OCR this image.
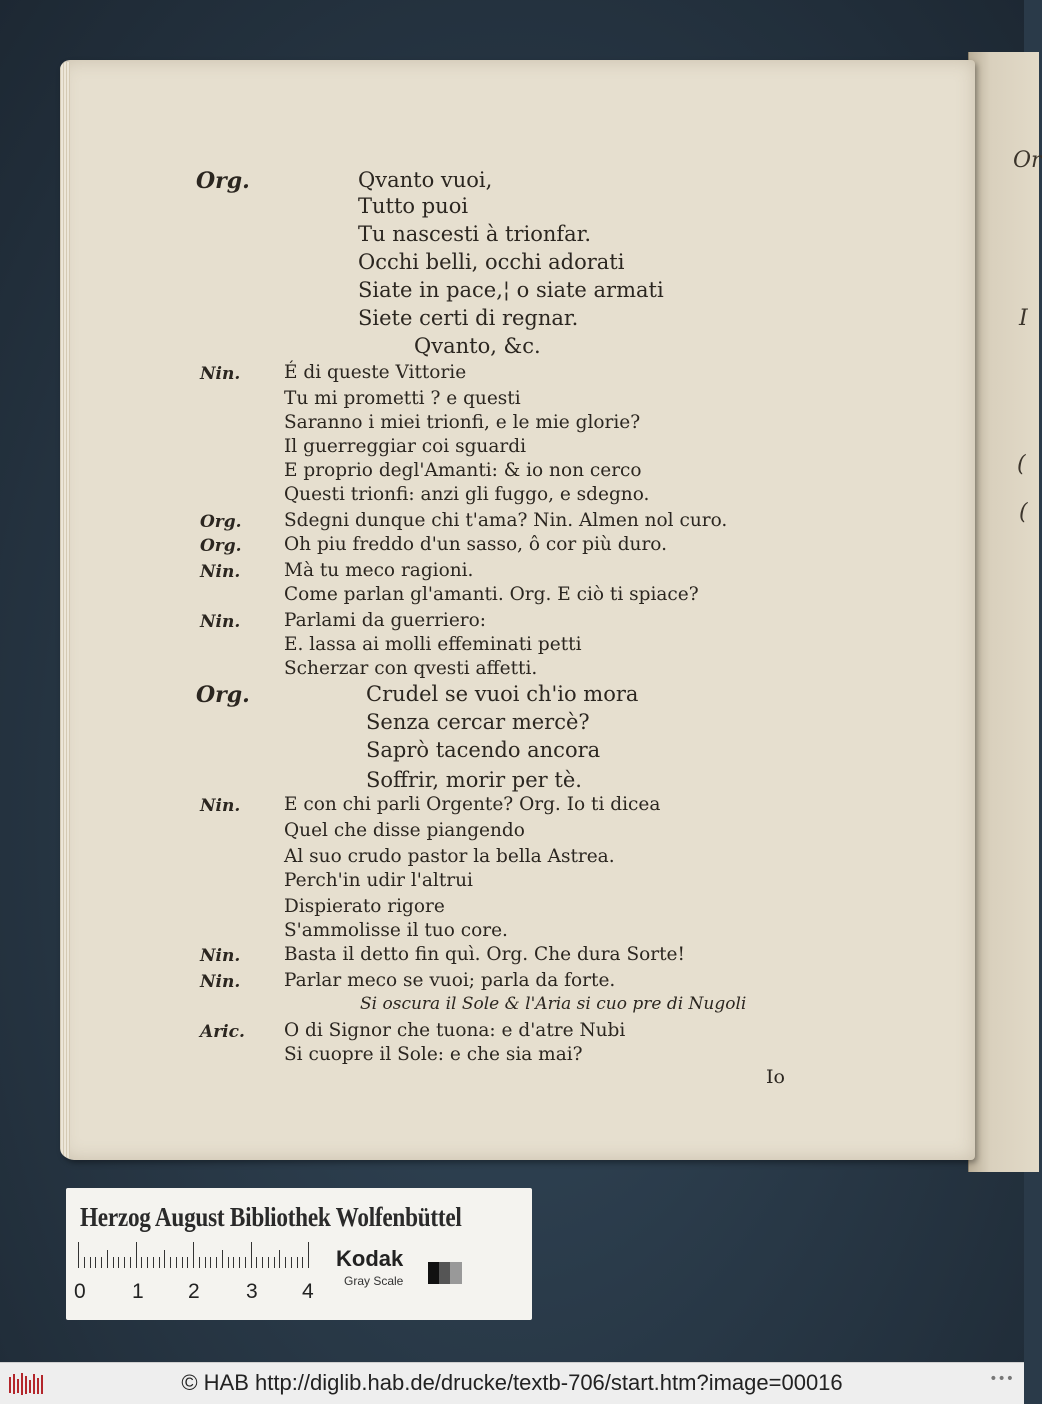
Or
I
(
(
Org.	Qvanto vuoi,
Tutto puoi
Tu nascesti à trionfar.
Occhi belli, occhi adorati
Siate in pace,¦ o siate armati
Siete certi di regnar.
Qvanto, &c.
Nin. É di queste Vittorie
Tu mi prometti ? e questi
Saranno i miei trionfi, e le mie glorie?
Il guerreggiar coi sguardi
E proprio degl'Amanti: & io non cerco
Questi trionfi: anzi gli fuggo, e sdegno.
Org. Sdegni dunque chi t'ama? Nin. Almen nol curo.
Org. Oh piu freddo d'un sasso, ô cor più duro.
Nin. Mà tu meco ragioni.
Come parlan gl'amanti. Org. E ciò ti spiace?
Nin. Parlami da guerriero:
E. lassa ai molli effeminati petti
Scherzar con qvesti affetti.
Org.	Crudel se vuoi ch'io mora
Senza cercar mercè?
Saprò tacendo ancora
Soffrir, morir per tè.
Nin. E con chi parli Orgente? Org. Io ti dicea
Quel che disse piangendo
Al suo crudo pastor la bella Astrea.
Perch'in udir l'altrui
Dispierato rigore
S'ammolisse il tuo core.
Nin. Basta il detto fin quì. Org. Che dura Sorte!
Nin. Parlar meco se vuoi; parla da forte.
Si oscura il Sole & l'Aria si cuo pre di Nugoli
Aric. O di Signor che tuona: e d'atre Nubi
Si cuopre il Sole: e che sia mai?
Io
Herzog August Bibliothek Wolfenbüttel
0 1 2 3 4
Kodak
Gray Scale
© HAB http://diglib.hab.de/drucke/textb-706/start.htm?image=00016	•••
